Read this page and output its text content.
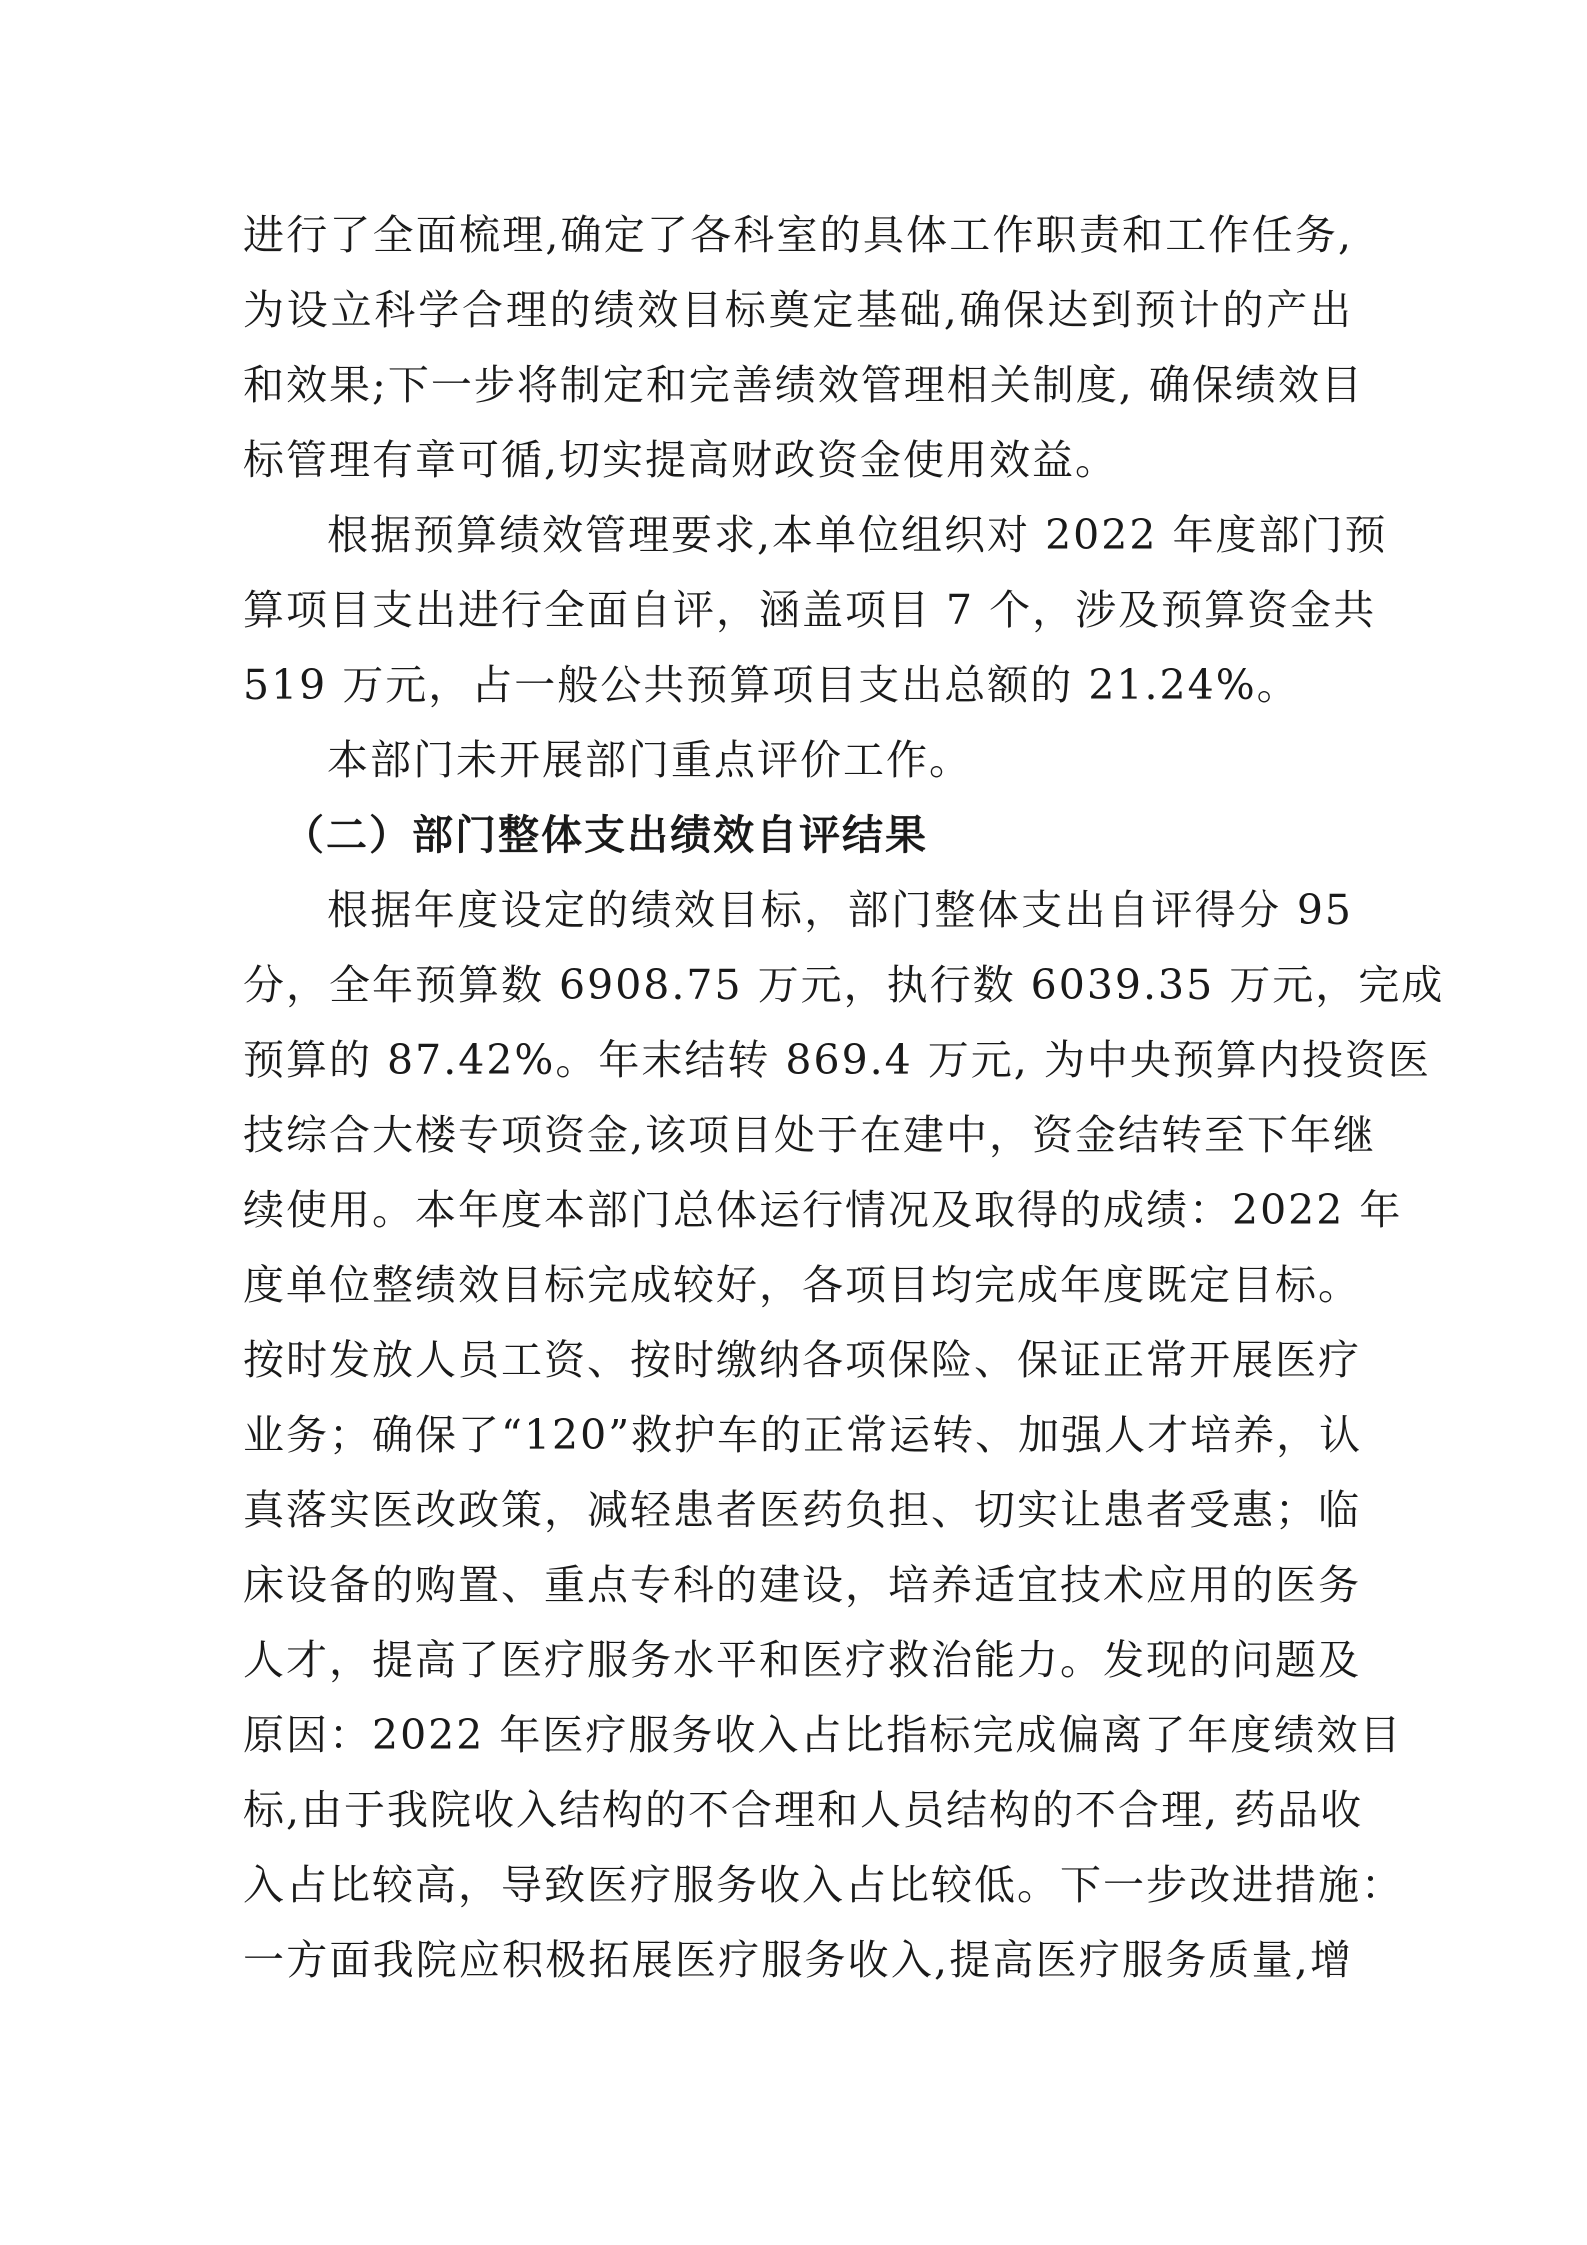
进行了全面梳理,确定了各科室的具体工作职责和工作任务,
为设立科学合理的绩效目标奠定基础,确保达到预计的产出
和效果;下一步将制定和完善绩效管理相关制度, 确保绩效目
标管理有章可循,切实提高财政资金使用效益。
根据预算绩效管理要求,本单位组织对 2022 年度部门预
算项目支出进行全面自评，涵盖项目 7 个，涉及预算资金共
519 万元，占一般公共预算项目支出总额的 21.24%。
本部门未开展部门重点评价工作。
（二）部门整体支出绩效自评结果
根据年度设定的绩效目标，部门整体支出自评得分 95
分，全年预算数 6908.75 万元，执行数 6039.35 万元，完成
预算的 87.42%。年末结转 869.4 万元, 为中央预算内投资医
技综合大楼专项资金,该项目处于在建中，资金结转至下年继
续使用。本年度本部门总体运行情况及取得的成绩：2022 年
度单位整绩效目标完成较好，各项目均完成年度既定目标。
按时发放人员工资、按时缴纳各项保险、保证正常开展医疗
业务；确保了“120”救护车的正常运转、加强人才培养，认
真落实医改政策，减轻患者医药负担、切实让患者受惠；临
床设备的购置、重点专科的建设，培养适宜技术应用的医务
人才，提高了医疗服务水平和医疗救治能力。发现的问题及
原因：2022 年医疗服务收入占比指标完成偏离了年度绩效目
标,由于我院收入结构的不合理和人员结构的不合理, 药品收
入占比较高，导致医疗服务收入占比较低。下一步改进措施：
一方面我院应积极拓展医疗服务收入,提高医疗服务质量,增
